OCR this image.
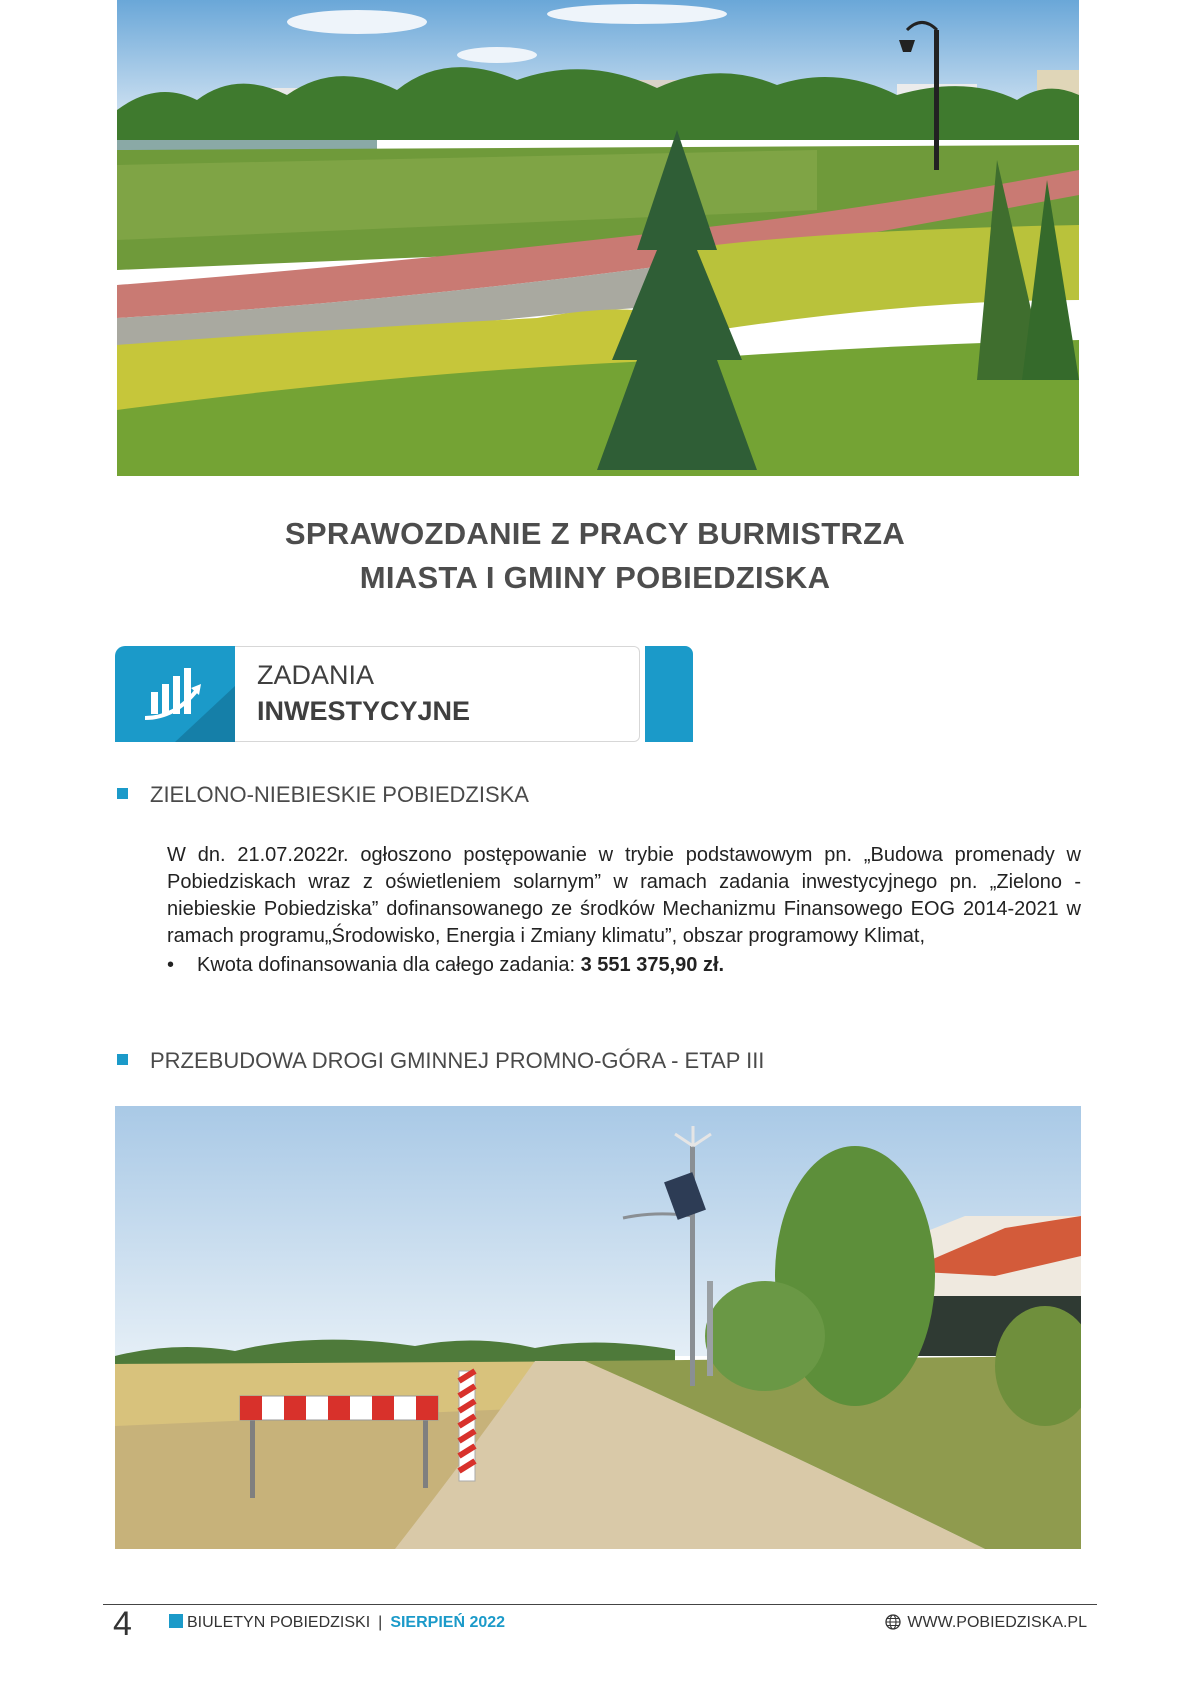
SPRAWOZDANIE Z PRACY BURMISTRZA
MIASTA I GMINY POBIEDZISKA
ZADANIA
INWESTYCYJNE
ZIELONO-NIEBIESKIE POBIEDZISKA
W dn. 21.07.2022r. ogłoszono postępowanie w trybie podstawowym pn. „Budowa promenady w Pobiedziskach wraz z oświetleniem solarnym” w ramach zadania inwestycyjnego pn. „Zielono - niebieskie Pobiedziska” dofinansowanego ze środków Mechanizmu Finansowego EOG 2014-2021 w ramach programu„Środowisko, Energia i Zmiany klimatu”, obszar programowy Klimat,
• Kwota dofinansowania dla całego zadania: 3 551 375,90 zł.
PRZEBUDOWA DROGI GMINNEJ PROMNO-GÓRA - ETAP III
4	BIULETYN POBIEDZISKI | SIERPIEŃ 2022	WWW.POBIEDZISKA.PL
